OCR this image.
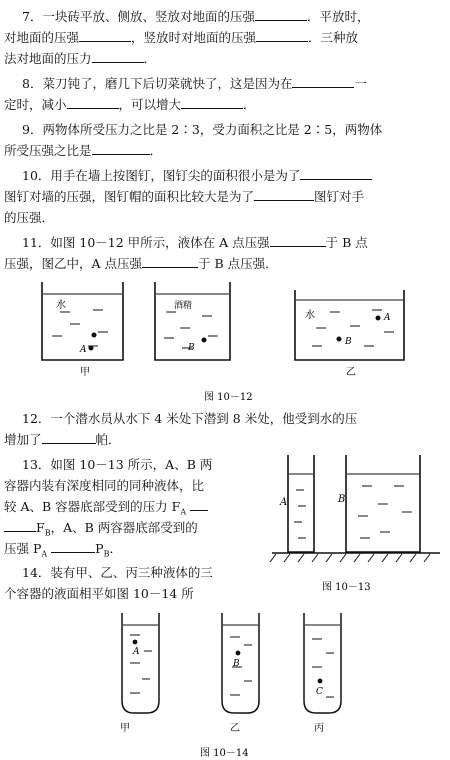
7．一块砖平放、侧放、竖放对地面的压强	．平放时，
对地面的压强	，竖放时对地面的压强	．三种放
法对地面的压力	．
8．菜刀钝了，磨几下后切菜就快了，这是因为在	一
定时，减小	，可以增大	．
9．两物体所受压力之比是 2∶3，受力面积之比是 2∶5，两物体
所受压强之比是	．
10．用手在墙上按图钉，图钉尖的面积很小是为了
图钉对墙的压强，图钉帽的面积比较大是为了	图钉对手
的压强．
11．如图 10－12 甲所示，液体在 A 点压强	于 B 点
压强，图乙中，A 点压强	于 B 点压强．
水
A
酒精
B
水	A
B
甲	乙
图 10－12
12．一个潜水员从水下 4 米处下潜到 8 米处，他受到水的压
增加了	帕．
13．如图 10－13 所示，A、B 两
容器内装有深度相同的同种液体，比
较 A、B 容器底部受到的压力 $F_A$
$F_B$，A、B 两容器底部受到的
压强 $P_A$	$P_B$．
A	B
图 10－13
14．装有甲、乙、丙三种液体的三
个容器的液面相平如图 10－14 所
A
B
C
甲	乙	丙
图 10－14
